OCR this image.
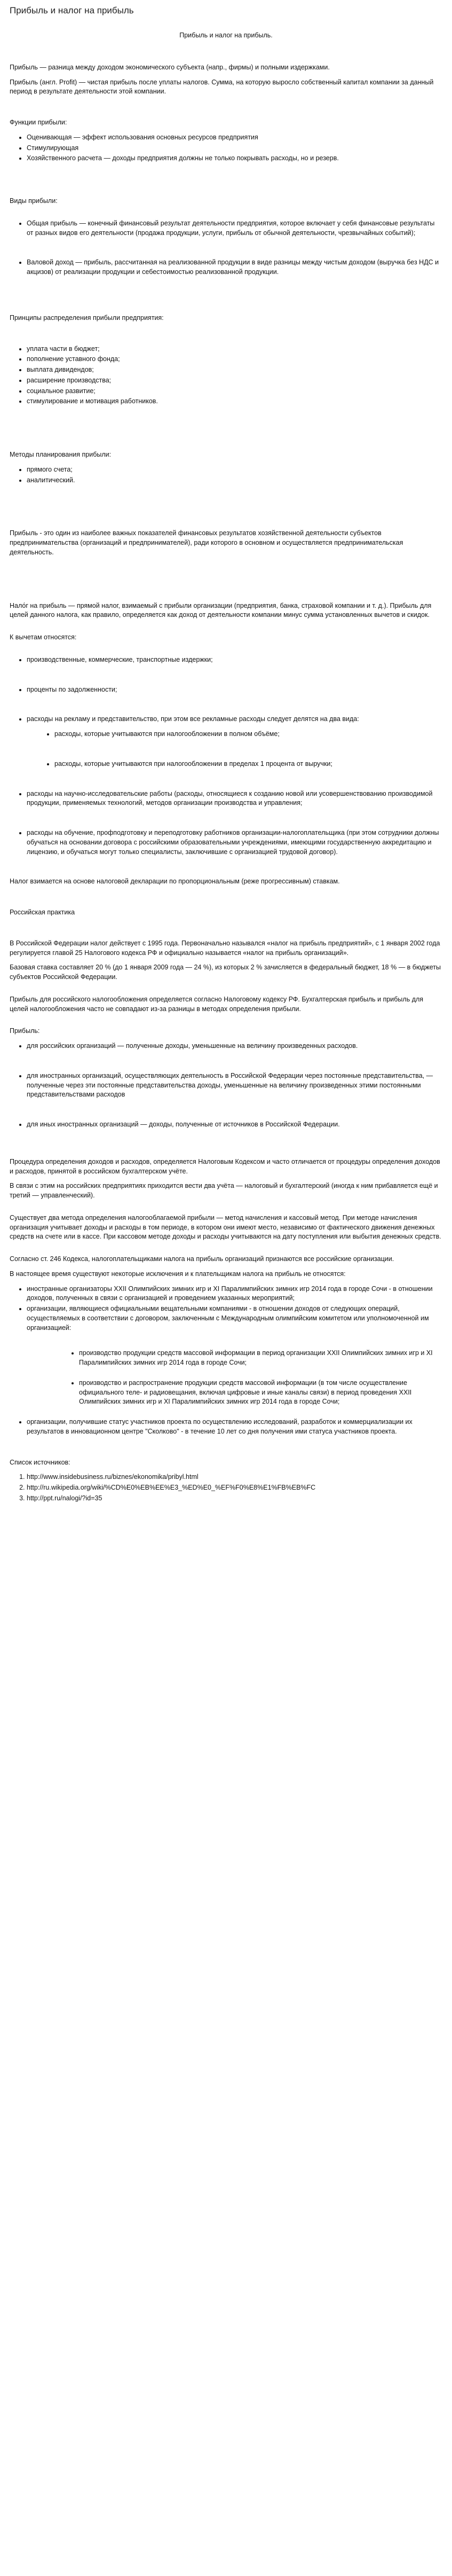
Прибыль и налог на прибыль

Прибыль и налог на прибыль.

Прибыль — разница между доходом экономического субъекта (напр., фирмы) и полными издержками.

Прибыль (англ. Profit) — чистая прибыль после уплаты налогов. Сумма, на которую выросло собственный капитал компании за данный период в результате деятельности этой компании.

Функции прибыли:

• Оценивающая — эффект использования основных ресурсов предприятия
• Стимулирующая
• Хозяйственного расчета — доходы предприятия должны не только покрывать расходы, но и резерв.

Виды прибыли:

• Общая прибыль — конечный финансовый результат деятельности предприятия, которое включает у себя финансовые результаты от разных видов его деятельности (продажа продукции, услуги, прибыль от обычной деятельности, чрезвычайных событий);
• Валовой доход — прибыль, рассчитанная на реализованной продукции в виде разницы между чистым доходом (выручка без НДС и акцизов) от реализации продукции и себестоимостью реализованной продукции.

Принципы распределения прибыли предприятия:

• уплата части в бюджет;
• пополнение уставного фонда;
• выплата дивидендов;
• расширение производства;
• социальное развитие;
• стимулирование и мотивация работников.

Методы планирования прибыли:

• прямого счета;
• аналитический.

Прибыль - это один из наиболее важных показателей финансовых результатов хозяйственной деятельности субъектов предпринимательства (организаций и предпринимателей), ради которого в основном и осуществляется предпринимательская деятельность.

Нало́г на прибыль — прямой налог, взимаемый с прибыли организации (предприятия, банка, страховой компании и т. д.). Прибыль для целей данного налога, как правило, определяется как доход от деятельности компании минус сумма установленных вычетов и скидок.

К вычетам относятся:

• производственные, коммерческие, транспортные издержки;
• проценты по задолженности;
• расходы на рекламу и представительство, при этом все рекламные расходы следует делятся на два вида:
• расходы, которые учитываются при налогообложении в полном объёме;
• расходы, которые учитываются при налогообложении в пределах 1 процента от выручки;
• расходы на научно-исследовательские работы (расходы, относящиеся к созданию новой или усовершенствованию производимой продукции, применяемых технологий, методов организации производства и управления;
• расходы на обучение, профподготовку и переподготовку работников организации-налогоплательщика (при этом сотрудники должны обучаться на основании договора с российскими образовательными учреждениями, имеющими государственную аккредитацию и лицензию, и обучаться могут только специалисты, заключившие с организацией трудовой договор).

Налог взимается на основе налоговой декларации по пропорциональным (реже прогрессивным) ставкам.

Российская практика

В Российской Федерации налог действует с 1995 года. Первоначально назывался «налог на прибыль предприятий», с 1 января 2002 года регулируется главой 25 Налогового кодекса РФ и официально называется «налог на прибыль организаций».

Базовая ставка составляет 20 % (до 1 января 2009 года — 24 %), из которых 2 % зачисляется в федеральный бюджет, 18 % — в бюджеты субъектов Российской Федерации.

Прибыль для российского налогообложения определяется согласно Налоговому кодексу РФ. Бухгалтерская прибыль и прибыль для целей налогообложения часто не совпадают из-за разницы в методах определения прибыли.

Прибыль:

• для российских организаций — полученные доходы, уменьшенные на величину произведенных расходов.
• для иностранных организаций, осуществляющих деятельность в Российской Федерации через постоянные представительства, — полученные через эти постоянные представительства доходы, уменьшенные на величину произведенных этими постоянными представительствами расходов
• для иных иностранных организаций — доходы, полученные от источников в Российской Федерации.

Процедура определения доходов и расходов, определяется Налоговым Кодексом и часто отличается от процедуры определения доходов и расходов, принятой в российском бухгалтерском учёте.

В связи с этим на российских предприятиях приходится вести два учёта — налоговый и бухгалтерский (иногда к ним прибавляется ещё и третий — управленческий).

Существует два метода определения налогооблагаемой прибыли — метод начисления и кассовый метод. При методе начисления организация учитывает доходы и расходы в том периоде, в котором они имеют место, независимо от фактического движения денежных средств на счете или в кассе. При кассовом методе доходы и расходы учитываются на дату поступления или выбытия денежных средств.

Согласно ст. 246 Кодекса, налогоплательщиками налога на прибыль организаций признаются все российские организации.

В настоящее время существуют некоторые исключения и к плательщикам налога на прибыль не относятся:

• иностранные организаторы XXII Олимпийских зимних игр и XI Паралимпийских зимних игр 2014 года в городе Сочи - в отношении доходов, полученных в связи с организацией и проведением указанных мероприятий;
• организации, являющиеся официальными вещательными компаниями - в отношении доходов от следующих операций, осуществляемых в соответствии с договором, заключенным с Международным олимпийским комитетом или уполномоченной им организацией:
• производство продукции средств массовой информации в период организации XXII Олимпийских зимних игр и XI Паралимпийских зимних игр 2014 года в городе Сочи;
• производство и распространение продукции средств массовой информации (в том числе осуществление официального теле- и радиовещания, включая цифровые и иные каналы связи) в период проведения XXII Олимпийских зимних игр и XI Паралимпийских зимних игр 2014 года в городе Сочи;
• организации, получившие статус участников проекта по осуществлению исследований, разработок и коммерциализации их результатов в инновационном центре "Сколково" - в течение 10 лет со дня получения ими статуса участников проекта.

Список источников:

1. http://www.insidebusiness.ru/biznes/ekonomika/pribyl.html
2. http://ru.wikipedia.org/wiki/%CD%E0%EB%EE%E3_%ED%E0_%EF%F0%E8%E1%FB%EB%FC
3. http://ppt.ru/nalogi/?id=35
